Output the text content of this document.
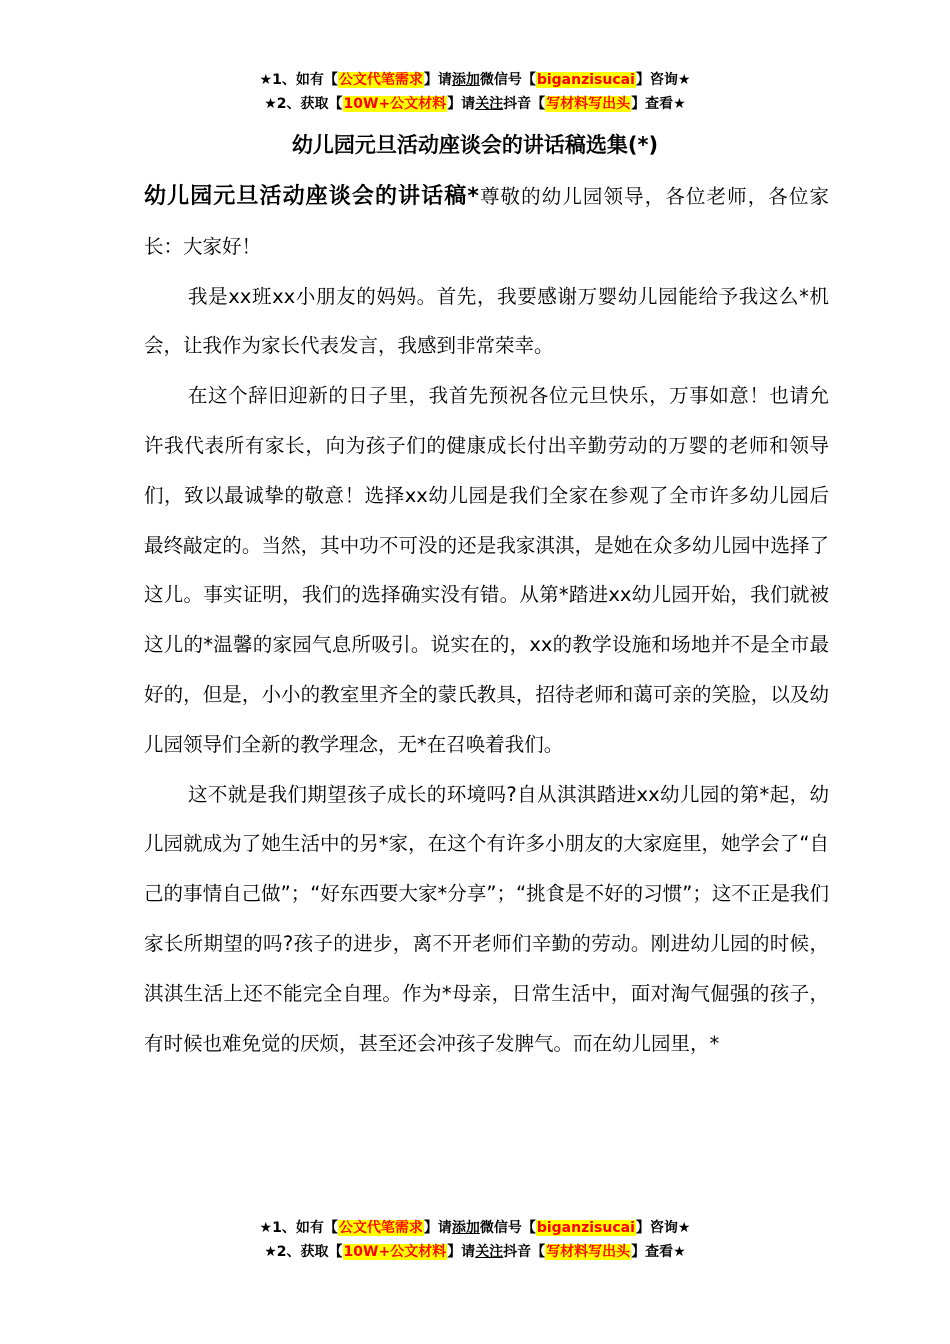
★1、如有【公文代笔需求】请添加微信号【biganzisucai】咨询★
★2、获取【10W+公文材料】请关注抖音【写材料写出头】查看★
幼儿园元旦活动座谈会的讲话稿选集(*)

幼儿园元旦活动座谈会的讲话稿*尊敬的幼儿园领导，各位老师，各位家长：大家好！

我是xx班xx小朋友的妈妈。首先，我要感谢万婴幼儿园能给予我这么*机会，让我作为家长代表发言，我感到非常荣幸。

在这个辞旧迎新的日子里，我首先预祝各位元旦快乐，万事如意！也请允许我代表所有家长，向为孩子们的健康成长付出辛勤劳动的万婴的老师和领导们，致以最诚挚的敬意！选择xx幼儿园是我们全家在参观了全市许多幼儿园后最终敲定的。当然，其中功不可没的还是我家淇淇，是她在众多幼儿园中选择了这儿。事实证明，我们的选择确实没有错。从第*踏进xx幼儿园开始，我们就被这儿的*温馨的家园气息所吸引。说实在的，xx的教学设施和场地并不是全市最好的，但是，小小的教室里齐全的蒙氏教具，招待老师和蔼可亲的笑脸，以及幼儿园领导们全新的教学理念，无*在召唤着我们。

这不就是我们期望孩子成长的环境吗?自从淇淇踏进xx幼儿园的第*起，幼儿园就成为了她生活中的另*家，在这个有许多小朋友的大家庭里，她学会了“自己的事情自己做”；“好东西要大家*分享”；“挑食是不好的习惯”；这不正是我们家长所期望的吗?孩子的进步，离不开老师们辛勤的劳动。刚进幼儿园的时候，淇淇生活上还不能完全自理。作为*母亲，日常生活中，面对淘气倔强的孩子，有时候也难免觉的厌烦，甚至还会冲孩子发脾气。而在幼儿园里，*

★1、如有【公文代笔需求】请添加微信号【biganzisucai】咨询★
★2、获取【10W+公文材料】请关注抖音【写材料写出头】查看★
